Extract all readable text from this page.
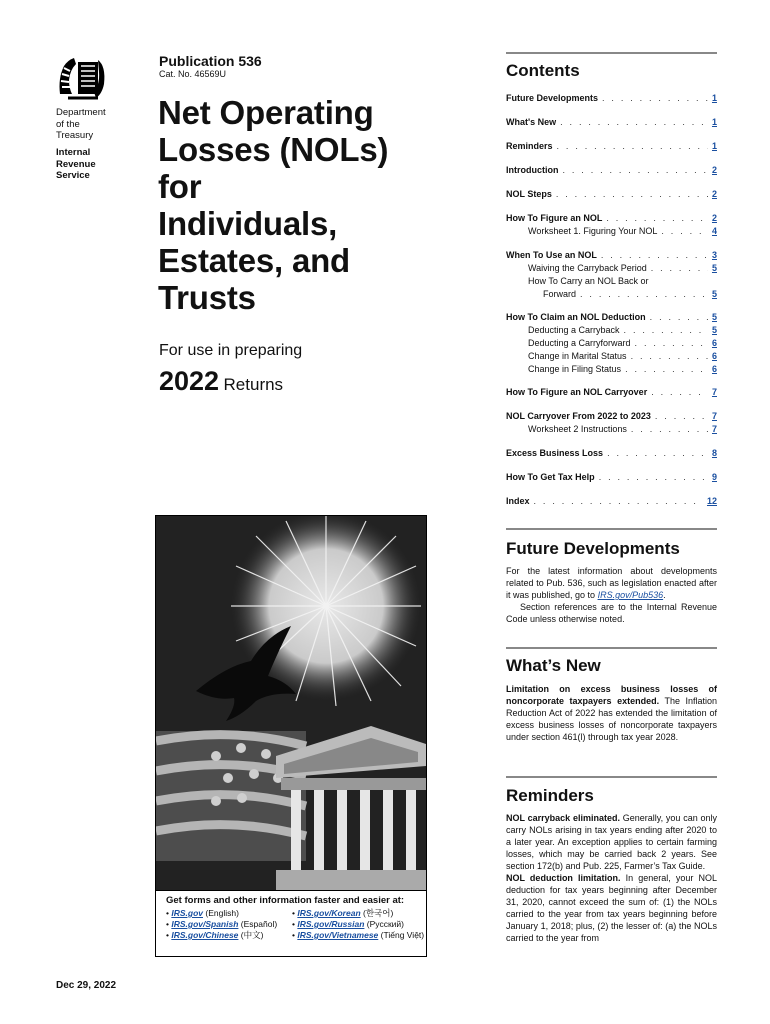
Department
of the
Treasury
Internal
Revenue
Service
Dec 29, 2022
Publication 536
Cat. No. 46569U
Net Operating
Losses (NOLs)
for
Individuals,
Estates, and
Trusts
For use in preparing
2022 Returns
Get forms and other information faster and easier at:
• IRS.gov (English)
• IRS.gov/Spanish (Español)
• IRS.gov/Chinese (中文)
• IRS.gov/Korean (한국어)
• IRS.gov/Russian (Русский)
• IRS.gov/Vietnamese (Tiếng Việt)
Contents
Future Developments . . .	1
What's New . . .	1
Reminders . . .	1
Introduction . . .	2
NOL Steps . . .	2
How To Figure an NOL . . .	2
Worksheet 1. Figuring Your NOL . . .	4
When To Use an NOL . . .	3
Waiving the Carryback Period . . .	5
How To Carry an NOL Back or
Forward . . .	5
How To Claim an NOL Deduction . . .	5
Deducting a Carryback . . .	5
Deducting a Carryforward . . .	6
Change in Marital Status . . .	6
Change in Filing Status . . .	6
How To Figure an NOL Carryover . . .	7
NOL Carryover From 2022 to 2023 . . .	7
Worksheet 2 Instructions . . .	7
Excess Business Loss . . .	8
How To Get Tax Help . . .	9
Index . . .	12
Future Developments
For the latest information about developments related to Pub. 536, such as legislation enacted after it was published, go to IRS.gov/Pub536.
Section references are to the Internal Revenue Code unless otherwise noted.
What’s New
Limitation on excess business losses of noncorporate taxpayers extended. The Inflation Reduction Act of 2022 has extended the limitation of excess business losses of noncorporate taxpayers under section 461(l) through tax year 2028.
Reminders
NOL carryback eliminated. Generally, you can only carry NOLs arising in tax years ending after 2020 to a later year. An exception applies to certain farming losses, which may be carried back 2 years. See section 172(b) and Pub. 225, Farmer’s Tax Guide.
NOL deduction limitation. In general, your NOL deduction for tax years beginning after December 31, 2020, cannot exceed the sum of: (1) the NOLs carried to the year from tax years beginning before January 1, 2018; plus, (2) the lesser of: (a) the NOLs carried to the year from
